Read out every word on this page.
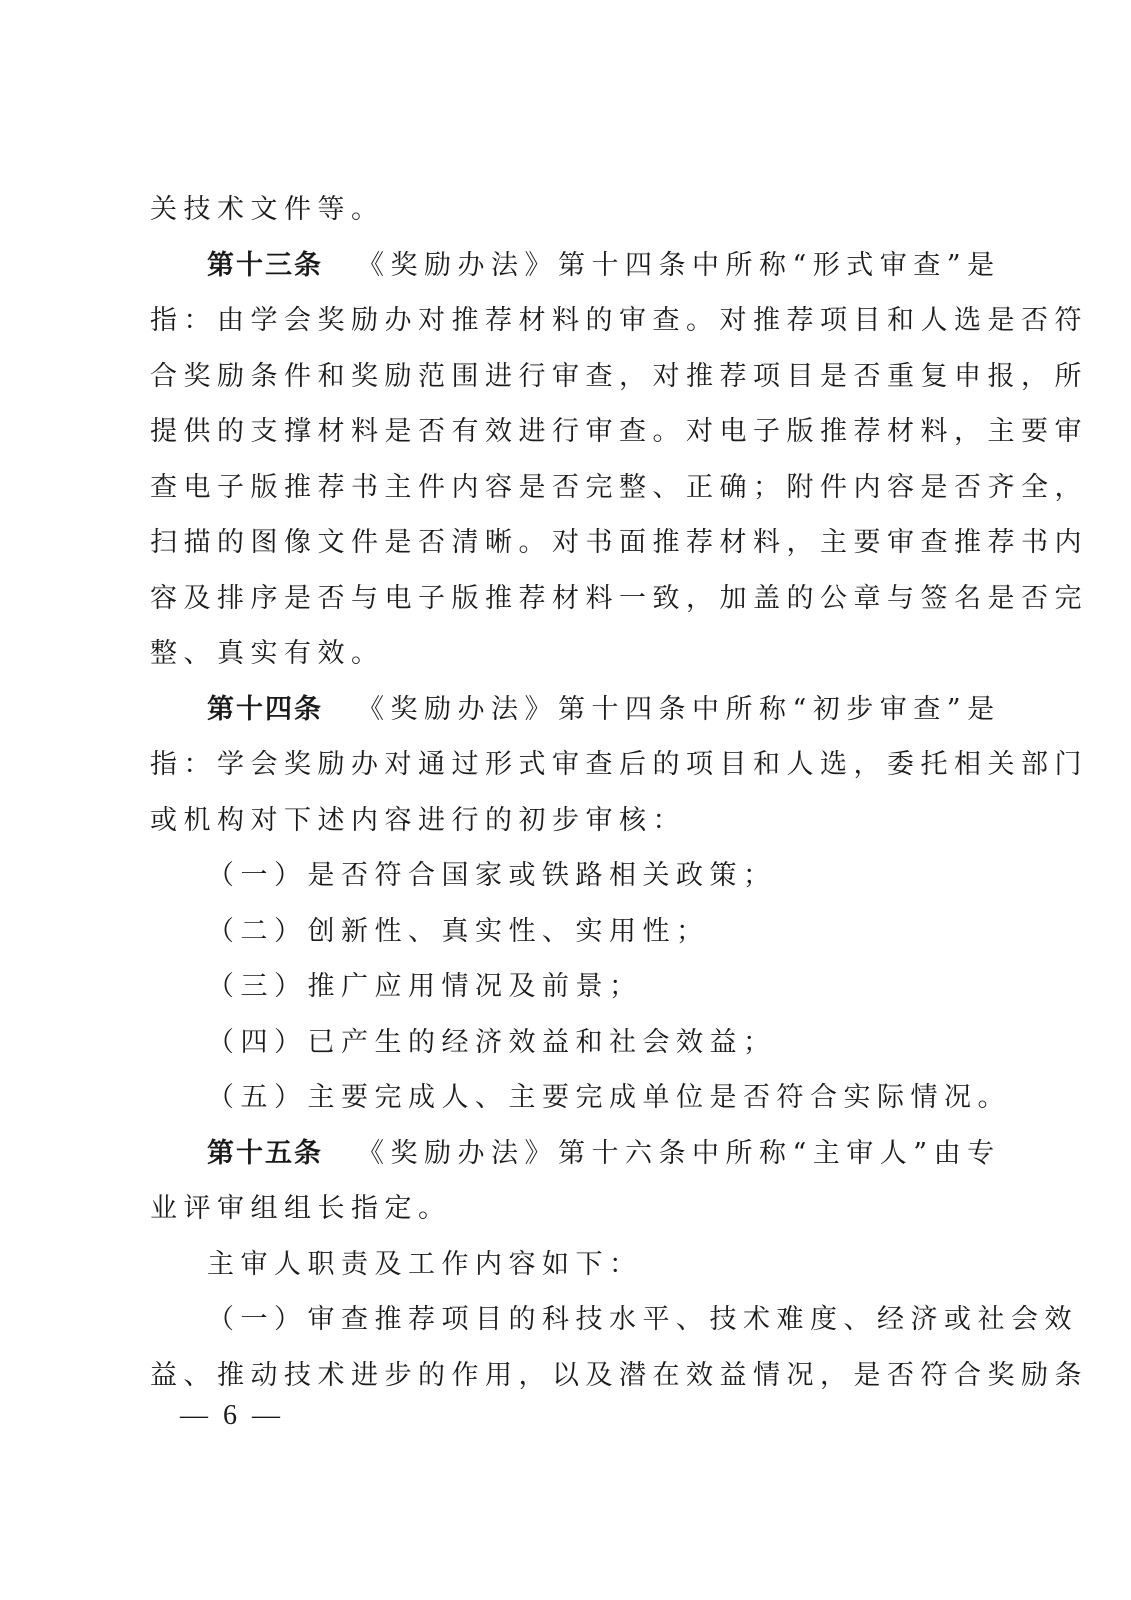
关技术文件等。
第十三条 《奖励办法》第十四条中所称“形式审查”是
指：由学会奖励办对推荐材料的审查。对推荐项目和人选是否符
合奖励条件和奖励范围进行审查，对推荐项目是否重复申报，所
提供的支撑材料是否有效进行审查。对电子版推荐材料，主要审
查电子版推荐书主件内容是否完整、正确；附件内容是否齐全，
扫描的图像文件是否清晰。对书面推荐材料，主要审查推荐书内
容及排序是否与电子版推荐材料一致，加盖的公章与签名是否完
整、真实有效。
第十四条 《奖励办法》第十四条中所称“初步审查”是
指：学会奖励办对通过形式审查后的项目和人选，委托相关部门
或机构对下述内容进行的初步审核：
（一）是否符合国家或铁路相关政策；
（二）创新性、真实性、实用性；
（三）推广应用情况及前景；
（四）已产生的经济效益和社会效益；
（五）主要完成人、主要完成单位是否符合实际情况。
第十五条 《奖励办法》第十六条中所称“主审人”由专
业评审组组长指定。
主审人职责及工作内容如下：
（一）审查推荐项目的科技水平、技术难度、经济或社会效
益、推动技术进步的作用，以及潜在效益情况，是否符合奖励条
— 6 —
